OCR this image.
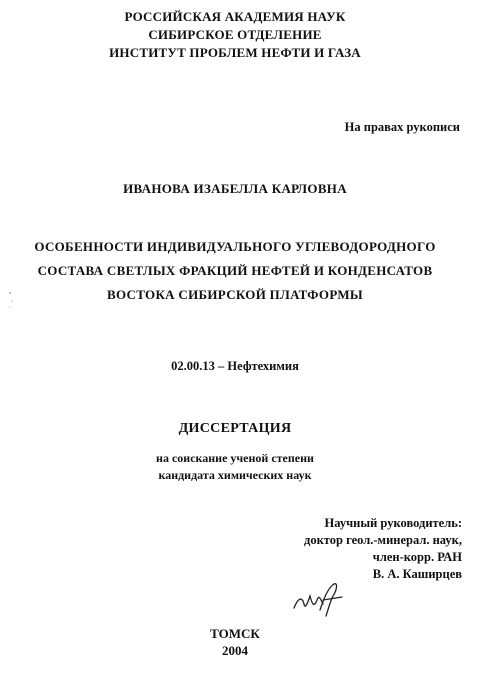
РОССИЙСКАЯ АКАДЕМИЯ НАУК
СИБИРСКОЕ ОТДЕЛЕНИЕ
ИНСТИТУТ ПРОБЛЕМ НЕФТИ И ГАЗА
На правах рукописи
ИВАНОВА ИЗАБЕЛЛА КАРЛОВНА
ОСОБЕННОСТИ ИНДИВИДУАЛЬНОГО УГЛЕВОДОРОДНОГО
СОСТАВА СВЕТЛЫХ ФРАКЦИЙ НЕФТЕЙ И КОНДЕНСАТОВ
ВОСТОКА СИБИРСКОЙ ПЛАТФОРМЫ
02.00.13 – Нефтехимия
ДИССЕРТАЦИЯ
на соискание ученой степени
кандидата химических наук
Научный руководитель:
доктор геол.-минерал. наук,
член-корр. РАН
В. А. Каширцев
ТОМСК
2004
